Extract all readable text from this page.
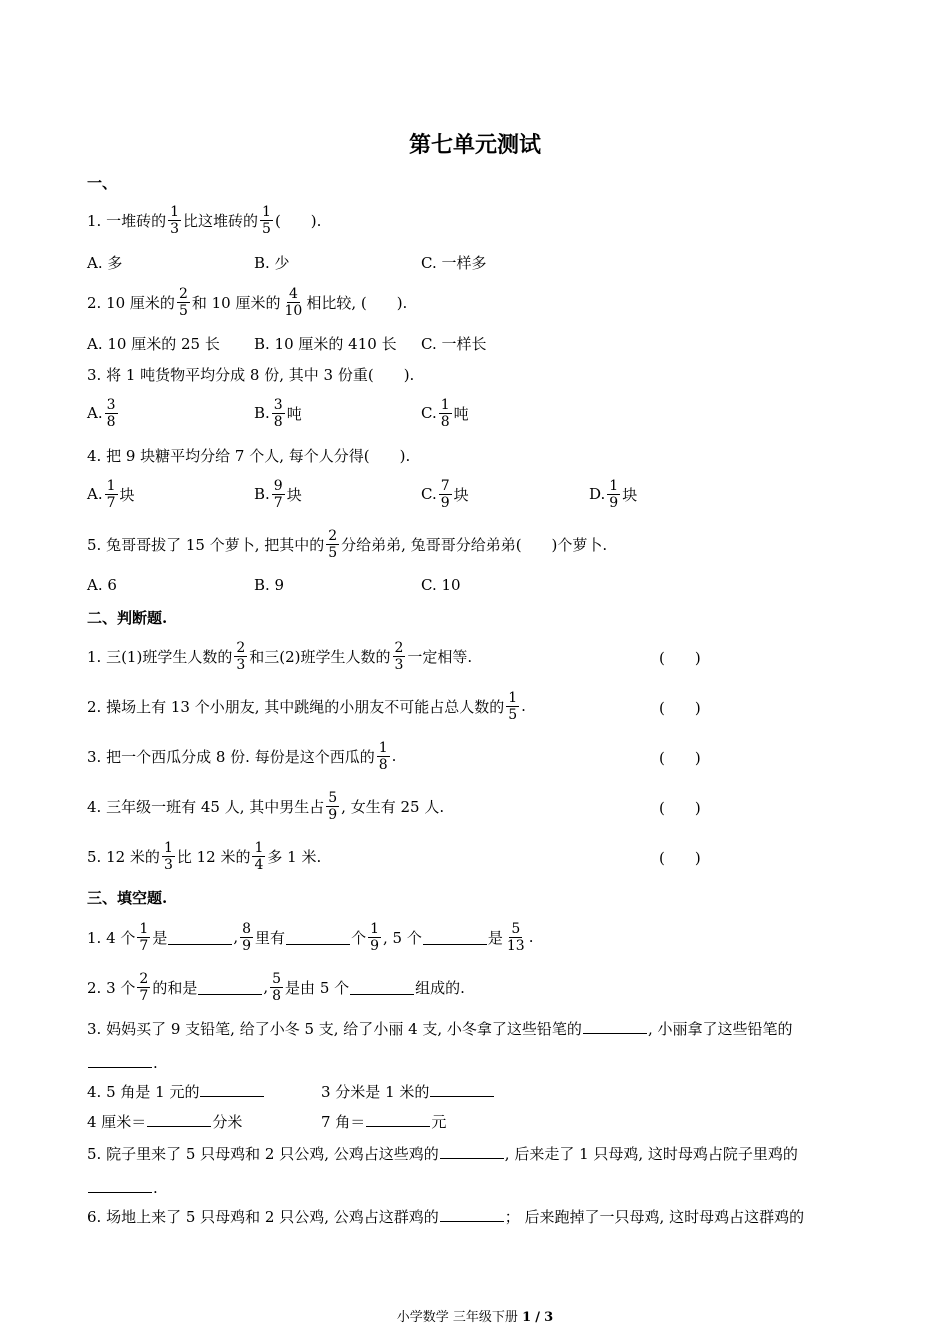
第七单元测试
一、
1. 一堆砖的 $\frac{1}{3}$ 比这堆砖的 $\frac{1}{5}$ (　　).
A. 多	B. 少	C. 一样多
2. 10 厘米的 $\frac{2}{5}$ 和 10 厘米的 $\frac{4}{10}$ 相比较, (　　).
A. 10 厘米的 25 长 B. 10 厘米的 410 长 C. 一样长
3. 将 1 吨货物平均分成 8 份, 其中 3 份重(　　).
A. $\frac{3}{8}$	B. $\frac{3}{8}$ 吨	C. $\frac{1}{8}$ 吨
4. 把 9 块糖平均分给 7 个人, 每个人分得(　　).
A. $\frac{1}{7}$ 块	B. $\frac{9}{7}$ 块	C. $\frac{7}{9}$ 块	D. $\frac{1}{9}$ 块
5. 兔哥哥拔了 15 个萝卜, 把其中的 $\frac{2}{5}$ 分给弟弟, 兔哥哥分给弟弟(　　)个萝卜.
A. 6	B. 9	C. 10
二、判断题.
1. 三(1)班学生人数的 $\frac{2}{3}$ 和三(2)班学生人数的 $\frac{2}{3}$ 一定相等.	(　　)
2. 操场上有 13 个小朋友, 其中跳绳的小朋友不可能占总人数的 $\frac{1}{5}$ .	(　　)
3. 把一个西瓜分成 8 份. 每份是这个西瓜的 $\frac{1}{8}$ .	(　　)
4. 三年级一班有 45 人, 其中男生占 $\frac{5}{9}$ , 女生有 25 人.	(　　)
5. 12 米的 $\frac{1}{3}$ 比 12 米的 $\frac{1}{4}$ 多 1 米.	(　　)
三、填空题.
1. 4 个 $\frac{1}{7}$ 是	, $\frac{8}{9}$ 里有	个 $\frac{1}{9}$ , 5 个	是 $\frac{5}{13}$ .
2. 3 个 $\frac{2}{7}$ 的和是	, $\frac{5}{8}$ 是由 5 个	组成的.
3. 妈妈买了 9 支铅笔, 给了小冬 5 支, 给了小丽 4 支, 小冬拿了这些铅笔的	, 小丽拿了这些铅笔的
.
4. 5 角是 1 元的	3 分米是 1 米的
4 厘米＝	分米	7 角＝	元
5. 院子里来了 5 只母鸡和 2 只公鸡, 公鸡占这些鸡的	, 后来走了 1 只母鸡, 这时母鸡占院子里鸡的
.
6. 场地上来了 5 只母鸡和 2 只公鸡, 公鸡占这群鸡的	； 后来跑掉了一只母鸡, 这时母鸡占这群鸡的
小学数学 三年级下册 1 / 3
